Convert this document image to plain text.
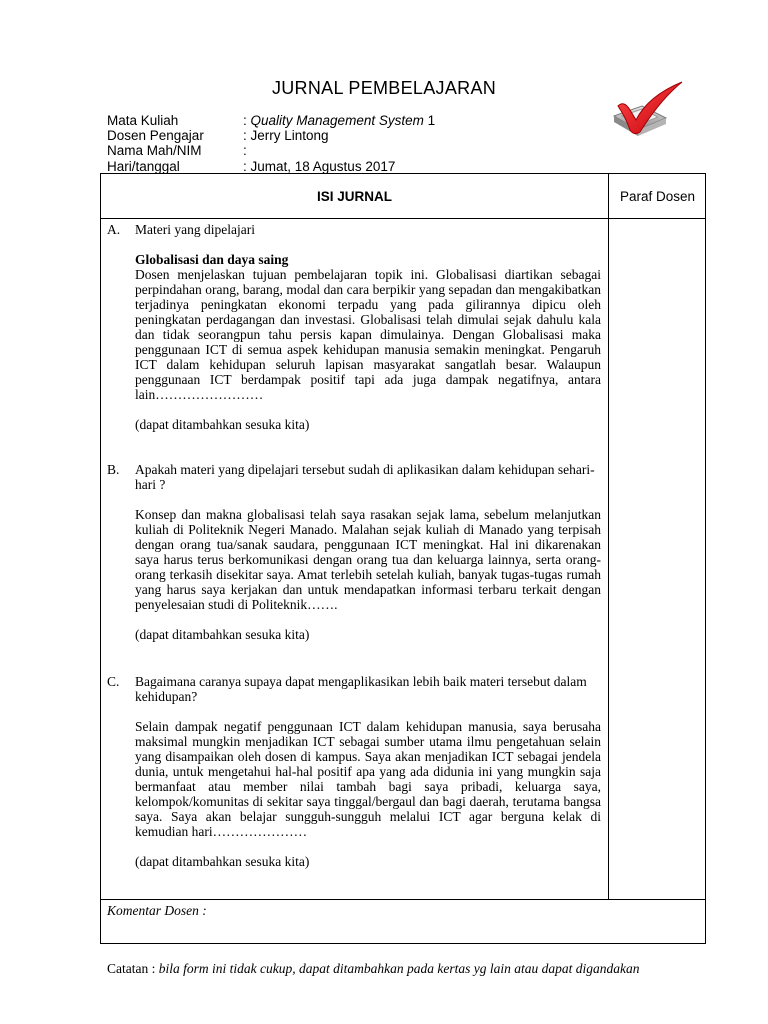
JURNAL PEMBELAJARAN
Mata Kuliah	: Quality Management System 1
Dosen Pengajar	: Jerry Lintong
Nama Mah/NIM	:
Hari/tanggal	: Jumat, 18 Agustus 2017
ISI JURNAL	Paraf Dosen
A. Materi yang dipelajari
Globalisasi dan daya saing
Dosen menjelaskan tujuan pembelajaran topik ini. Globalisasi diartikan sebagai perpindahan orang, barang, modal dan cara berpikir yang sepadan dan mengakibatkan terjadinya peningkatan ekonomi terpadu yang pada gilirannya dipicu oleh peningkatan perdagangan dan investasi. Globalisasi telah dimulai sejak dahulu kala dan tidak seorangpun tahu persis kapan dimulainya. Dengan Globalisasi maka penggunaan ICT di semua aspek kehidupan manusia semakin meningkat. Pengaruh ICT dalam kehidupan seluruh lapisan masyarakat sangatlah besar. Walaupun penggunaan ICT berdampak positif tapi ada juga dampak negatifnya, antara lain……………………
(dapat ditambahkan sesuka kita)
B. Apakah materi yang dipelajari tersebut sudah di aplikasikan dalam kehidupan sehari-hari ?
Konsep dan makna globalisasi telah saya rasakan sejak lama, sebelum melanjutkan kuliah di Politeknik Negeri Manado. Malahan sejak kuliah di Manado yang terpisah dengan orang tua/sanak saudara, penggunaan ICT meningkat. Hal ini dikarenakan saya harus terus berkomunikasi dengan orang tua dan keluarga lainnya, serta orang-orang terkasih disekitar saya. Amat terlebih setelah kuliah, banyak tugas-tugas rumah yang harus saya kerjakan dan untuk mendapatkan informasi terbaru terkait dengan penyelesaian studi di Politeknik…….
(dapat ditambahkan sesuka kita)
C. Bagaimana caranya supaya dapat mengaplikasikan lebih baik materi tersebut dalam kehidupan?
Selain dampak negatif penggunaan ICT dalam kehidupan manusia, saya berusaha maksimal mungkin menjadikan ICT sebagai sumber utama ilmu pengetahuan selain yang disampaikan oleh dosen di kampus. Saya akan menjadikan ICT sebagai jendela dunia, untuk mengetahui hal-hal positif apa yang ada didunia ini yang mungkin saja bermanfaat atau member nilai tambah bagi saya pribadi, keluarga saya, kelompok/komunitas di sekitar saya tinggal/bergaul dan bagi daerah, terutama bangsa saya. Saya akan belajar sungguh-sungguh melalui ICT agar berguna kelak di kemudian hari…………………
(dapat ditambahkan sesuka kita)
Komentar Dosen :
Catatan : bila form ini tidak cukup, dapat ditambahkan pada kertas yg lain atau dapat digandakan
